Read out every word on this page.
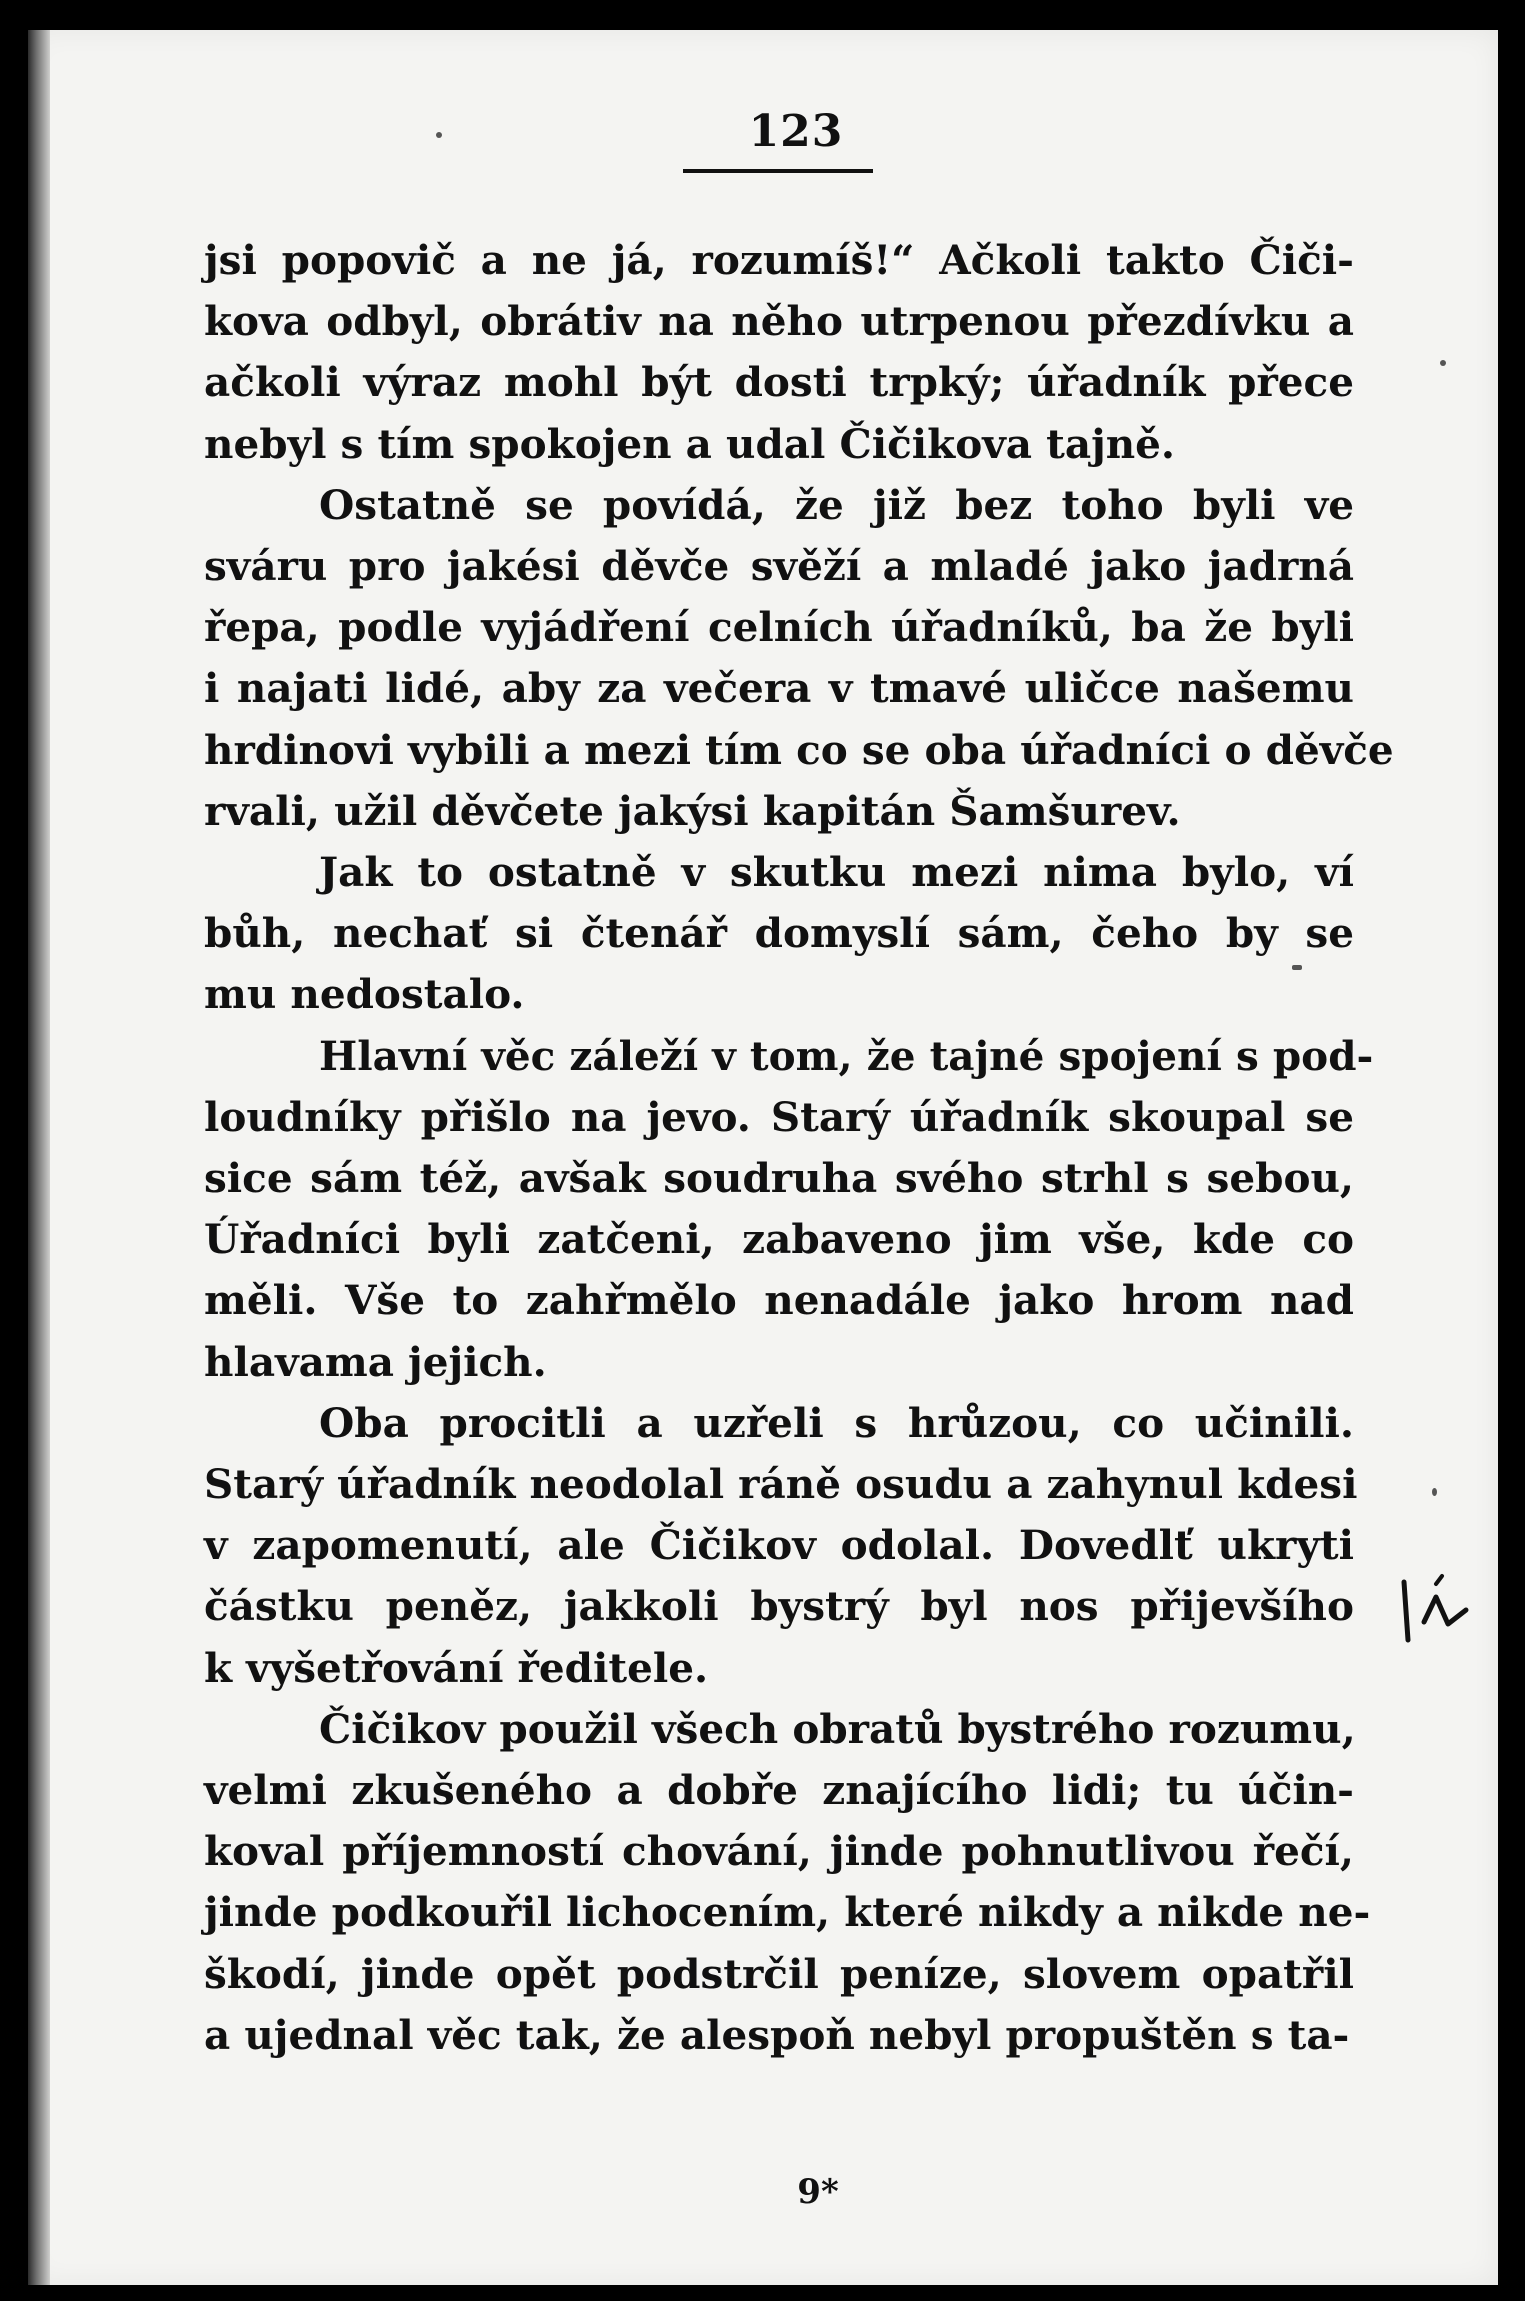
123
jsi popovič a ne já, rozumíš!“ Ačkoli takto Čiči-
kova odbyl, obrátiv na něho utrpenou přezdívku a
ačkoli výraz mohl být dosti trpký; úřadník přece
nebyl s tím spokojen a udal Čičikova tajně.
Ostatně se povídá, že již bez toho byli ve
sváru pro jakési děvče svěží a mladé jako jadrná
řepa, podle vyjádření celních úřadníků, ba že byli
i najati lidé, aby za večera v tmavé uličce našemu
hrdinovi vybili a mezi tím co se oba úřadníci o děvče
rvali, užil děvčete jakýsi kapitán Šamšurev.
Jak to ostatně v skutku mezi nima bylo, ví
bůh, nechať si čtenář domyslí sám, čeho by se
mu nedostalo.
Hlavní věc záleží v tom, že tajné spojení s pod-
loudníky přišlo na jevo. Starý úřadník skoupal se
sice sám též, avšak soudruha svého strhl s sebou,
Úřadníci byli zatčeni, zabaveno jim vše, kde co
měli. Vše to zahřmělo nenadále jako hrom nad
hlavama jejich.
Oba procitli a uzřeli s hrůzou, co učinili.
Starý úřadník neodolal ráně osudu a zahynul kdesi
v zapomenutí, ale Čičikov odolal. Dovedlť ukryti
částku peněz, jakkoli bystrý byl nos přijevšího
k vyšetřování ředitele.
Čičikov použil všech obratů bystrého rozumu,
velmi zkušeného a dobře znajícího lidi; tu účin-
koval příjemností chování, jinde pohnutlivou řečí,
jinde podkouřil lichocením, které nikdy a nikde ne-
škodí, jinde opět podstrčil peníze, slovem opatřil
a ujednal věc tak, že alespoň nebyl propuštěn s ta-
9*
